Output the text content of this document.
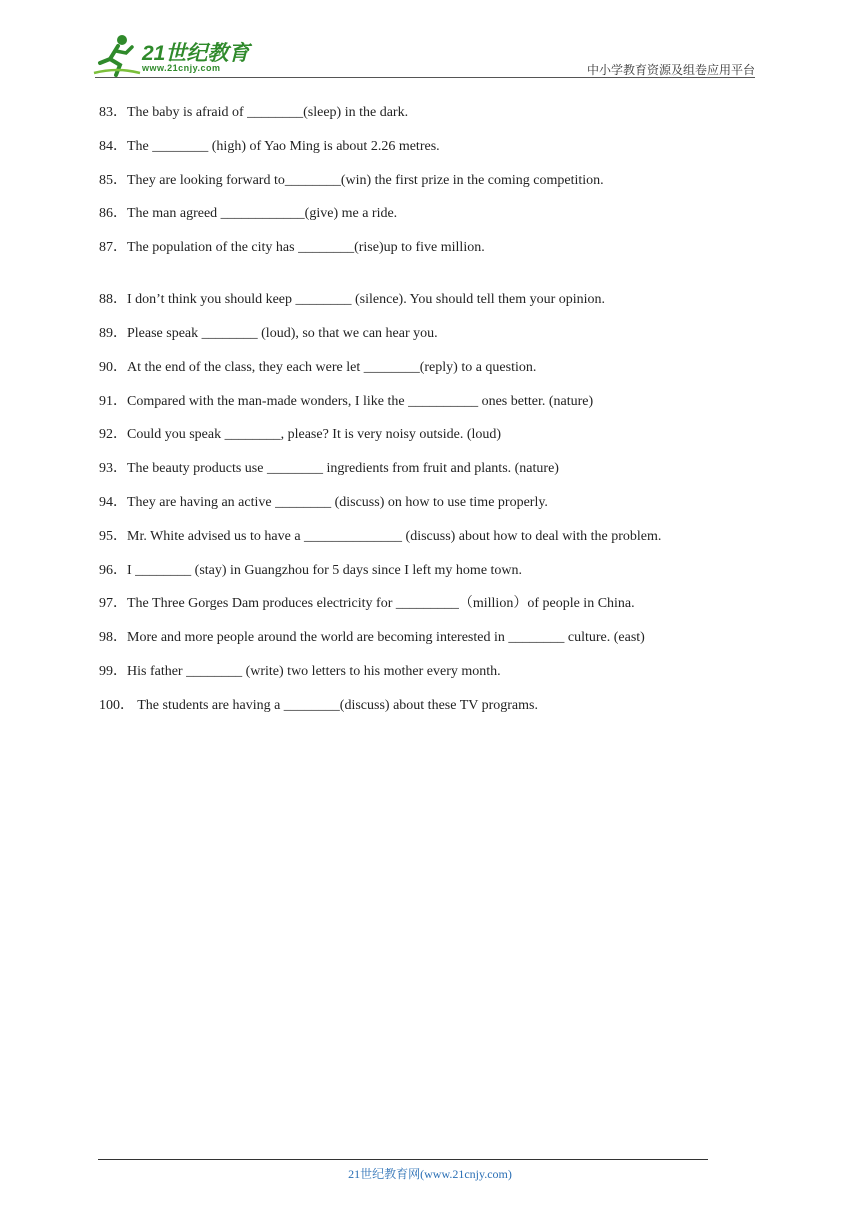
21世纪教育
www.21cnjy.com	中小学教育资源及组卷应用平台
83．The baby is afraid of ________(sleep) in the dark.
84．The ________ (high) of Yao Ming is about 2.26 metres.
85．They are looking forward to________(win) the first prize in the coming competition.
86．The man agreed ____________(give) me a ride.
87．The population of the city has ________(rise)up to five million.
88．I don’t think you should keep ________ (silence). You should tell them your opinion.
89．Please speak ________ (loud), so that we can hear you.
90．At the end of the class, they each were let ________(reply) to a question.
91．Compared with the man-made wonders, I like the __________ ones better. (nature)
92．Could you speak ________, please? It is very noisy outside. (loud)
93．The beauty products use ________ ingredients from fruit and plants. (nature)
94．They are having an active ________ (discuss) on how to use time properly.
95．Mr. White advised us to have a ______________ (discuss) about how to deal with the problem.
96．I ________ (stay) in Guangzhou for 5 days since I left my home town.
97．The Three Gorges Dam produces electricity for _________（million）of people in China.
98．More and more people around the world are becoming interested in ________ culture. (east)
99．His father ________ (write) two letters to his mother every month.
100． The students are having a ________(discuss) about these TV programs.
21世纪教育网(www.21cnjy.com)
